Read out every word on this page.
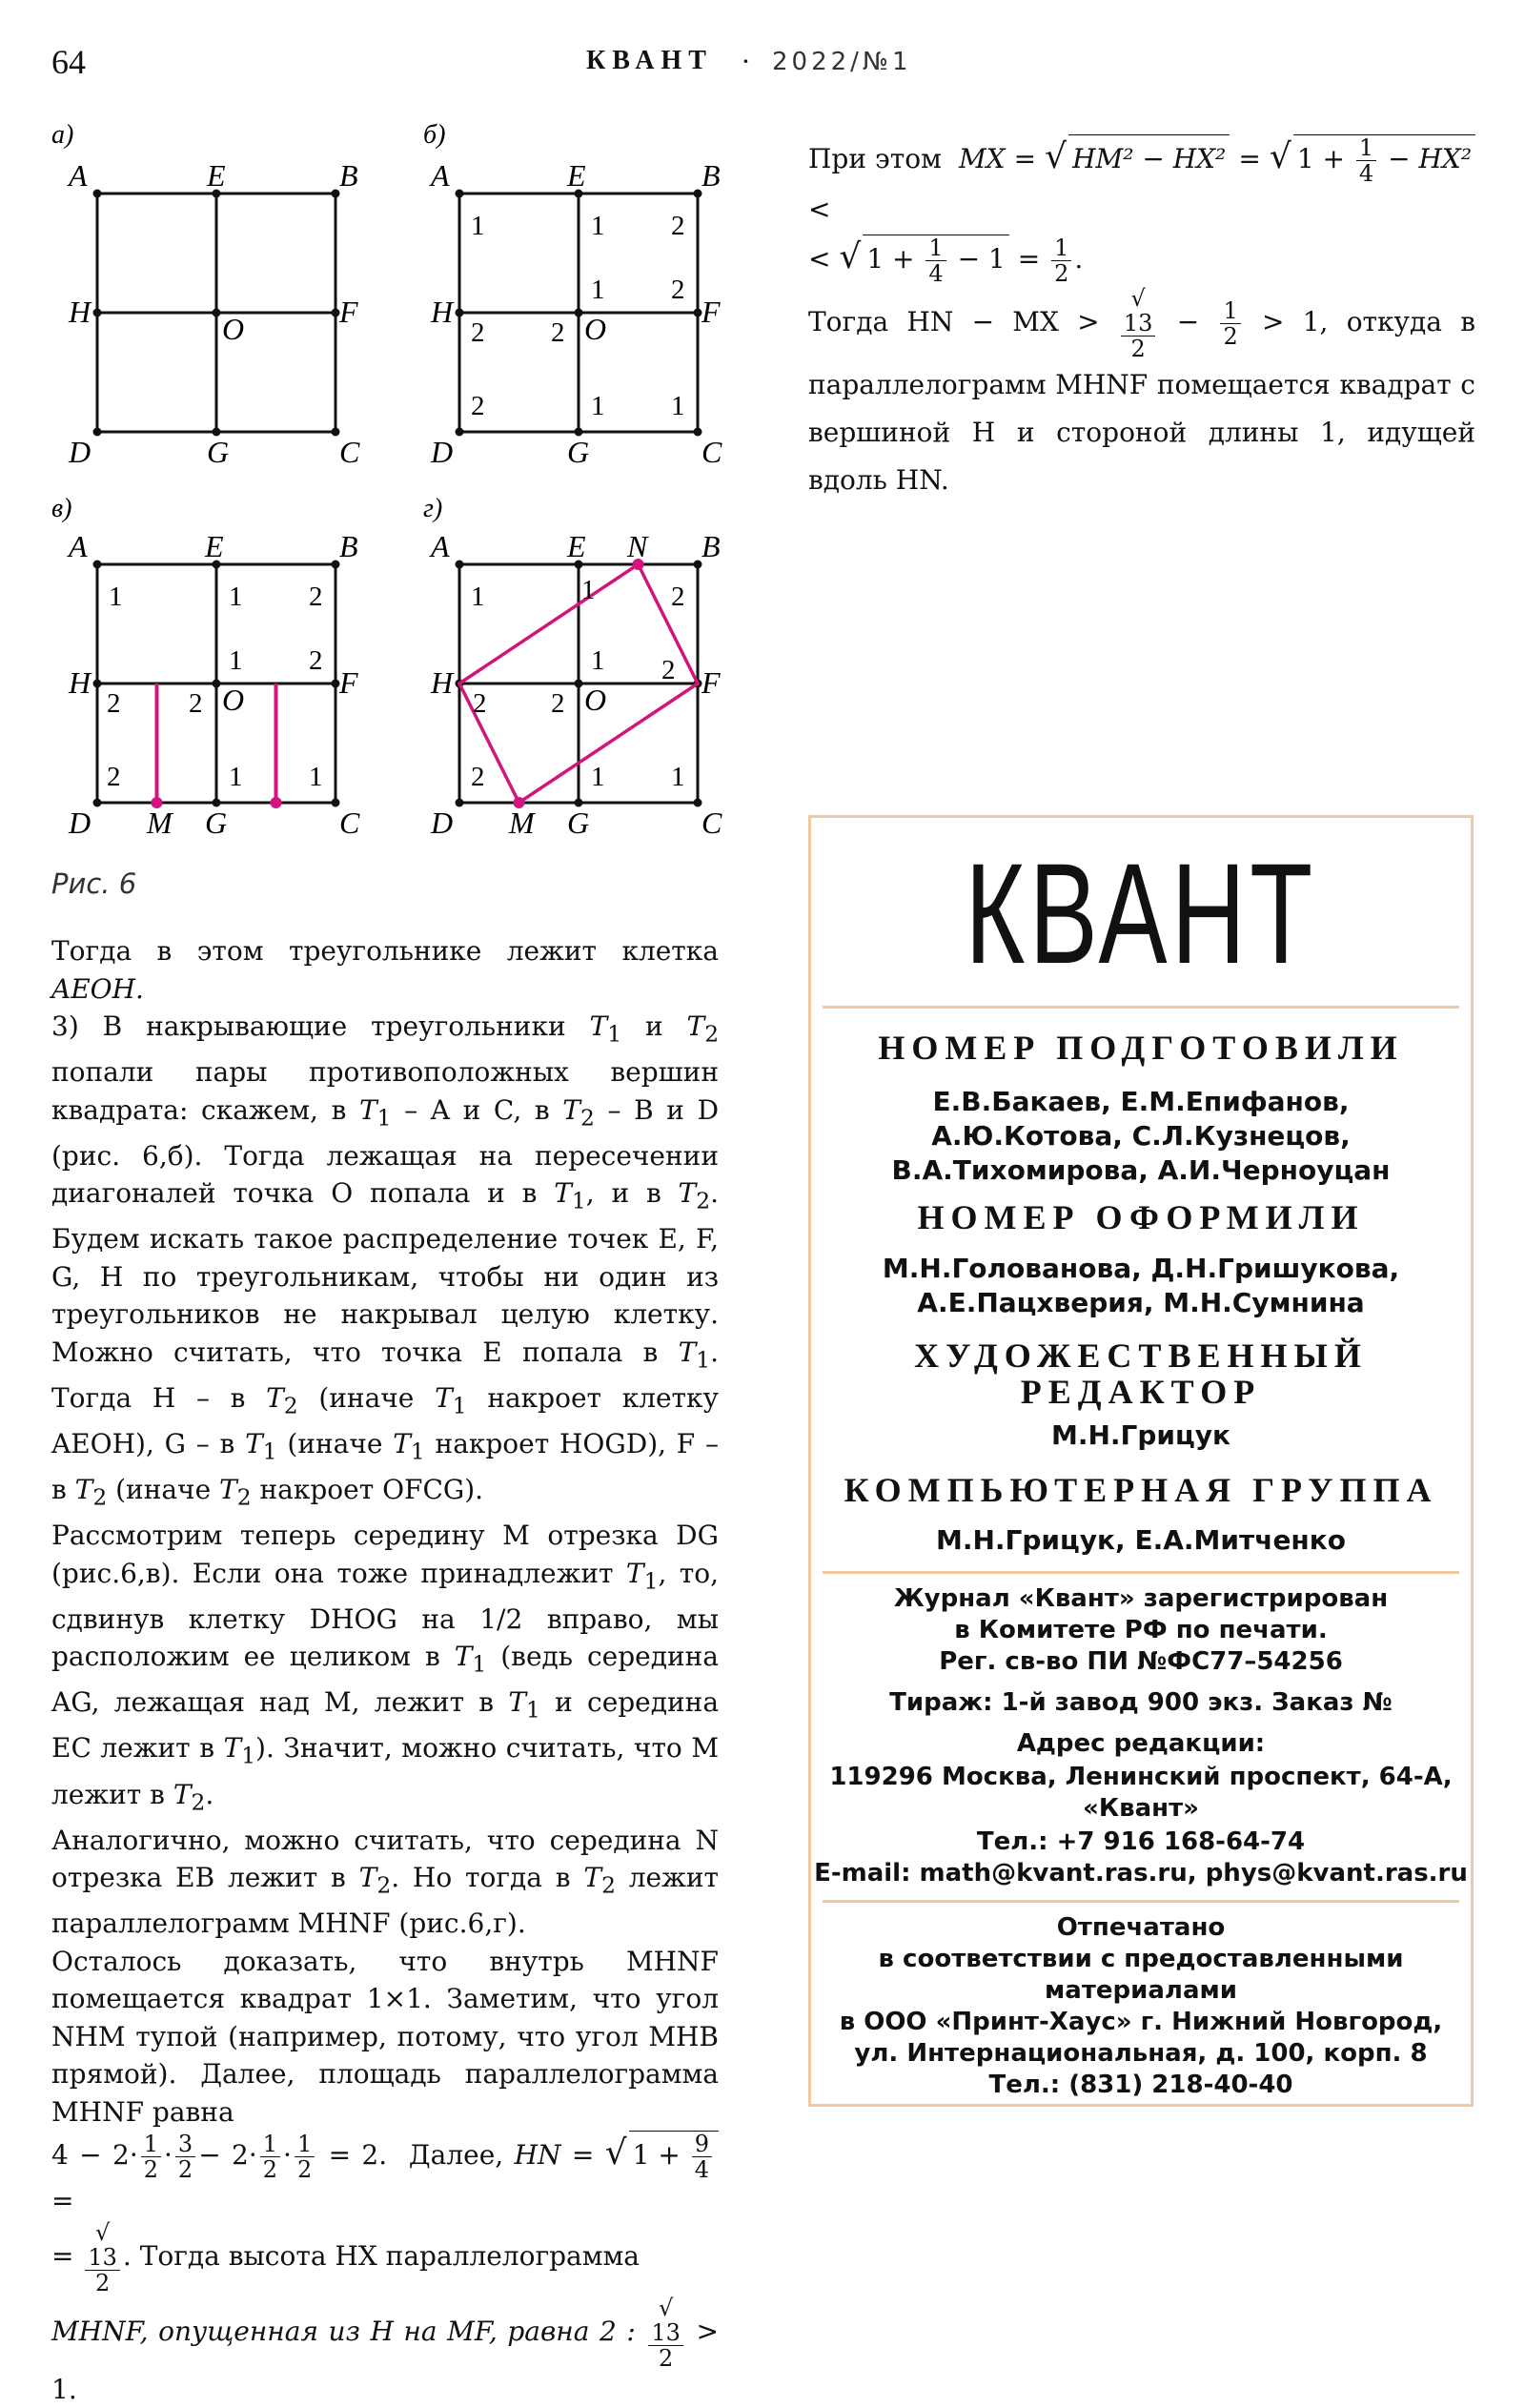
64	КВАНТ · 2022/№1
а)
A	E	B
H	O	F
D	G	C
б)
A	E	B
H	O	F
D	G	C
1
2
2 2
1 2
1 2
1 1
в)
A	E	B
H	O	F
D M G	C
1
2
2
2
1 2
1 2
1 1
г)
A	E N B
H	O	F
D M G	C
1
2
2
2
1	2
1 2
1 1
Рис. 6

Тогда в этом треугольнике лежит клетка AEOH.

3) В накрывающие треугольники $T_1$ и $T_2$ попали пары противоположных вершин квадрата: скажем, в $T_1$ – A и C, в $T_2$ – B и D (рис. 6,б). Тогда лежащая на пересечении диагоналей точка O попала и в $T_1$, и в $T_2$. Будем искать такое распределение точек E, F, G, H по треугольникам, чтобы ни один из треугольников не накрывал целую клетку. Можно считать, что точка E попала в $T_1$. Тогда H – в $T_2$ (иначе $T_1$ накроет клетку AEOH), G – в $T_1$ (иначе $T_1$ накроет HOGD), F – в $T_2$ (иначе $T_2$ накроет OFCG).

Рассмотрим теперь середину M отрезка DG (рис.6,в). Если она тоже принадлежит $T_1$, то, сдвинув клетку DHOG на 1/2 вправо, мы расположим ее целиком в $T_1$ (ведь середина AG, лежащая над M, лежит в $T_1$ и середина EC лежит в $T_1$). Значит, можно считать, что M лежит в $T_2$.

Аналогично, можно считать, что середина N отрезка EB лежит в $T_2$. Но тогда в $T_2$ лежит параллелограмм MHNF (рис.6,г).

Осталось доказать, что внутрь MHNF помещается квадрат 1×1. Заметим, что угол NHM тупой (например, потому, что угол MHB прямой). Далее, площадь параллелограмма MHNF равна
$4 - 2\cdot \frac{1}{2} \cdot \frac{3}{2} - 2\cdot \frac{1}{2} \cdot \frac{1}{2} = 2$. Далее, HN = √ $1 + \frac{9}{4}$
=
= √
13
2 . Тогда высота HX параллелограмма
MHNF, опущенная из H на MF, равна 2 : √
13
2 > 1.

При этом MX = √ HM² − HX² = √ $1 + \frac{1}{4} - HX^2$ <

< √ $1 + \frac{1}{4} - 1 = \frac{1}{2}$ .

Тогда HN − MX > √
13
$2 - \frac{1}{2} > 1$, откуда в параллелограмм MHNF помещается квадрат с вершиной H и стороной длины 1, идущей вдоль HN.

КВАНТ
НОМЕР ПОДГОТОВИЛИ
Е.В.Бакаев, Е.М.Епифанов,
А.Ю.Котова, С.Л.Кузнецов,
В.А.Тихомирова, А.И.Черноуцан
НОМЕР ОФОРМИЛИ
М.Н.Голованова, Д.Н.Гришукова,
А.Е.Пацхверия, М.Н.Сумнина
ХУДОЖЕСТВЕННЫЙ
РЕДАКТОР
М.Н.Грицук
КОМПЬЮТЕРНАЯ ГРУППА
М.Н.Грицук, Е.А.Митченко
Журнал «Квант» зарегистрирован
в Комитете РФ по печати.
Рег. св-во ПИ №ФС77–54256
Тираж: 1-й завод 900 экз. Заказ №
Адрес редакции:
119296 Москва, Ленинский проспект, 64-А,
«Квант»
Тел.: +7 916 168-64-74
E-mail: math@kvant.ras.ru, phys@kvant.ras.ru
Отпечатано
в соответствии с предоставленными
материалами
в ООО «Принт-Хаус» г. Нижний Новгород,
ул. Интернациональная, д. 100, корп. 8
Тел.: (831) 218-40-40
